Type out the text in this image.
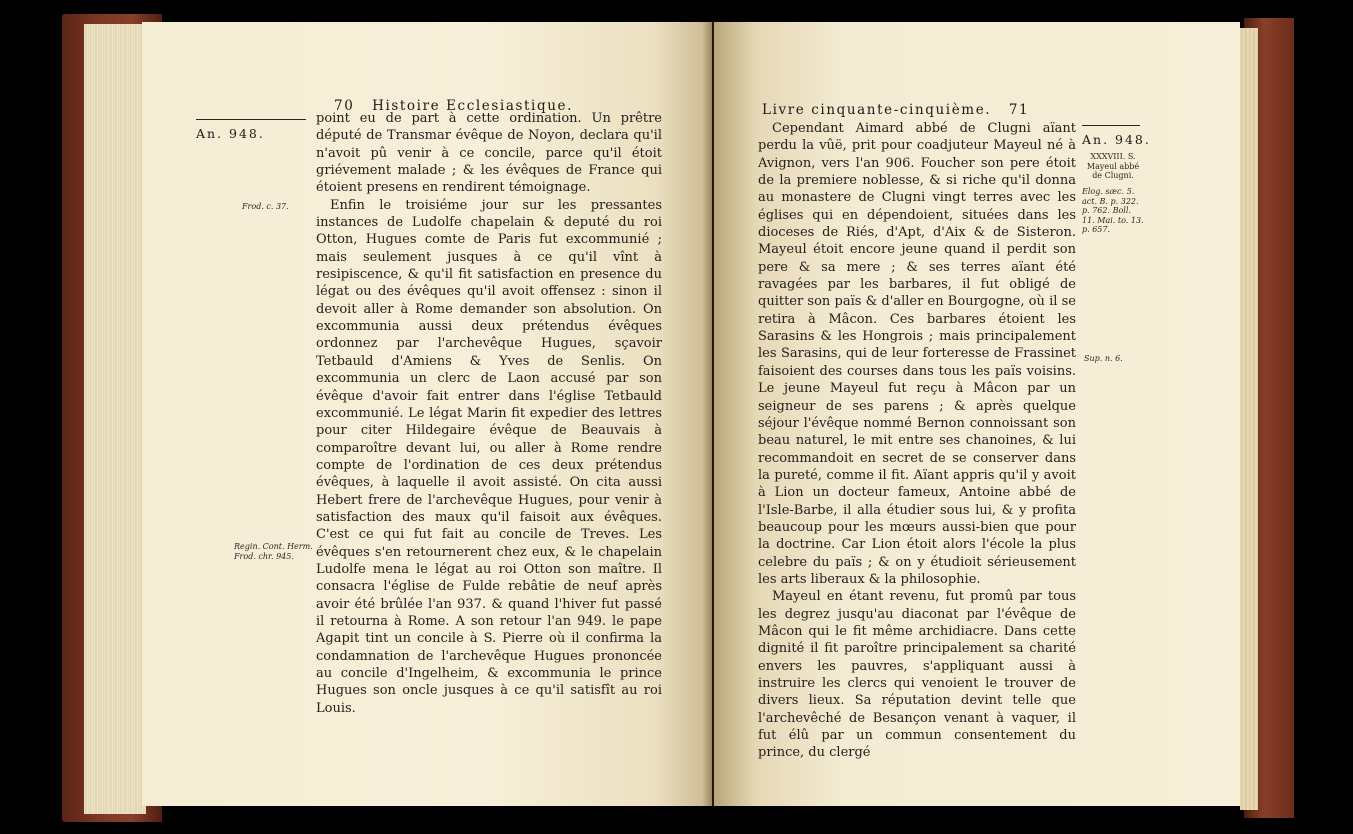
70 Histoire Ecclesiastique.
An. 948.
Frod. c. 37.
Regin. Cont. Herm. Frod. chr. 945.

point eu de part à cette ordination. Un prêtre député de Transmar évêque de Noyon, declara qu'il n'avoit pû venir à ce concile, parce qu'il étoit griévement malade ; & les évêques de France qui étoient presens en rendirent témoignage.

Enfin le troisiéme jour sur les pressantes instances de Ludolfe chapelain & deputé du roi Otton, Hugues comte de Paris fut excommunié ; mais seulement jusques à ce qu'il vînt à resipiscence, & qu'il fit satisfaction en presence du légat ou des évêques qu'il avoit offensez : sinon il devoit aller à Rome demander son absolution. On excommunia aussi deux prétendus évêques ordonnez par l'archevêque Hugues, sçavoir Tetbauld d'Amiens & Yves de Senlis. On excommunia un clerc de Laon accusé par son évêque d'avoir fait entrer dans l'église Tetbauld excommunié. Le légat Marin fit expedier des lettres pour citer Hildegaire évêque de Beauvais à comparoître devant lui, ou aller à Rome rendre compte de l'ordination de ces deux prétendus évêques, à laquelle il avoit assisté. On cita aussi Hebert frere de l'archevêque Hugues, pour venir à satisfaction des maux qu'il faisoit aux évêques. C'est ce qui fut fait au concile de Treves. Les évêques s'en retournerent chez eux, & le chapelain Ludolfe mena le légat au roi Otton son maître. Il consacra l'église de Fulde rebâtie de neuf après avoir été brûlée l'an 937. & quand l'hiver fut passé il retourna à Rome. A son retour l'an 949. le pape Agapit tint un concile à S. Pierre où il confirma la condamnation de l'archevêque Hugues prononcée au concile d'Ingelheim, & excommunia le prince Hugues son oncle jusques à ce qu'il satisfît au roi Louis.

Livre cinquante-cinquième. 71

Cependant Aimard abbé de Clugni aïant perdu la vûë, prit pour coadjuteur Mayeul né à Avignon, vers l'an 906. Foucher son pere étoit de la premiere noblesse, & si riche qu'il donna au monastere de Clugni vingt terres avec les églises qui en dépendoient, situées dans les dioceses de Riés, d'Apt, d'Aix & de Sisteron. Mayeul étoit encore jeune quand il perdit son pere & sa mere ; & ses terres aïant été ravagées par les barbares, il fut obligé de quitter son païs & d'aller en Bourgogne, où il se retira à Mâcon. Ces barbares étoient les Sarasins & les Hongrois ; mais principalement les Sarasins, qui de leur forteresse de Frassinet faisoient des courses dans tous les païs voisins. Le jeune Mayeul fut reçu à Mâcon par un seigneur de ses parens ; & après quelque séjour l'évêque nommé Bernon connoissant son beau naturel, le mit entre ses chanoines, & lui recommandoit en secret de se conserver dans la pureté, comme il fit. Aïant appris qu'il y avoit à Lion un docteur fameux, Antoine abbé de l'Isle-Barbe, il alla étudier sous lui, & y profita beaucoup pour les mœurs aussi-bien que pour la doctrine. Car Lion étoit alors l'école la plus celebre du païs ; & on y étudioit sérieusement les arts liberaux & la philosophie.

Mayeul en étant revenu, fut promû par tous les degrez jusqu'au diaconat par l'évêque de Mâcon qui le fit même archidiacre. Dans cette dignité il fit paroître principalement sa charité envers les pauvres, s'appliquant aussi à instruire les clercs qui venoient le trouver de divers lieux. Sa réputation devint telle que l'archevêché de Besançon venant à vaquer, il fut élû par un commun consentement du prince, du clergé

An. 948.
XXXVIII. S. Mayeul abbé de Clugni.
Elog. sæc. 5. act. B. p. 322. p. 762. Boll. 11. Mai. to. 13. p. 657.
Sup. n. 6.
